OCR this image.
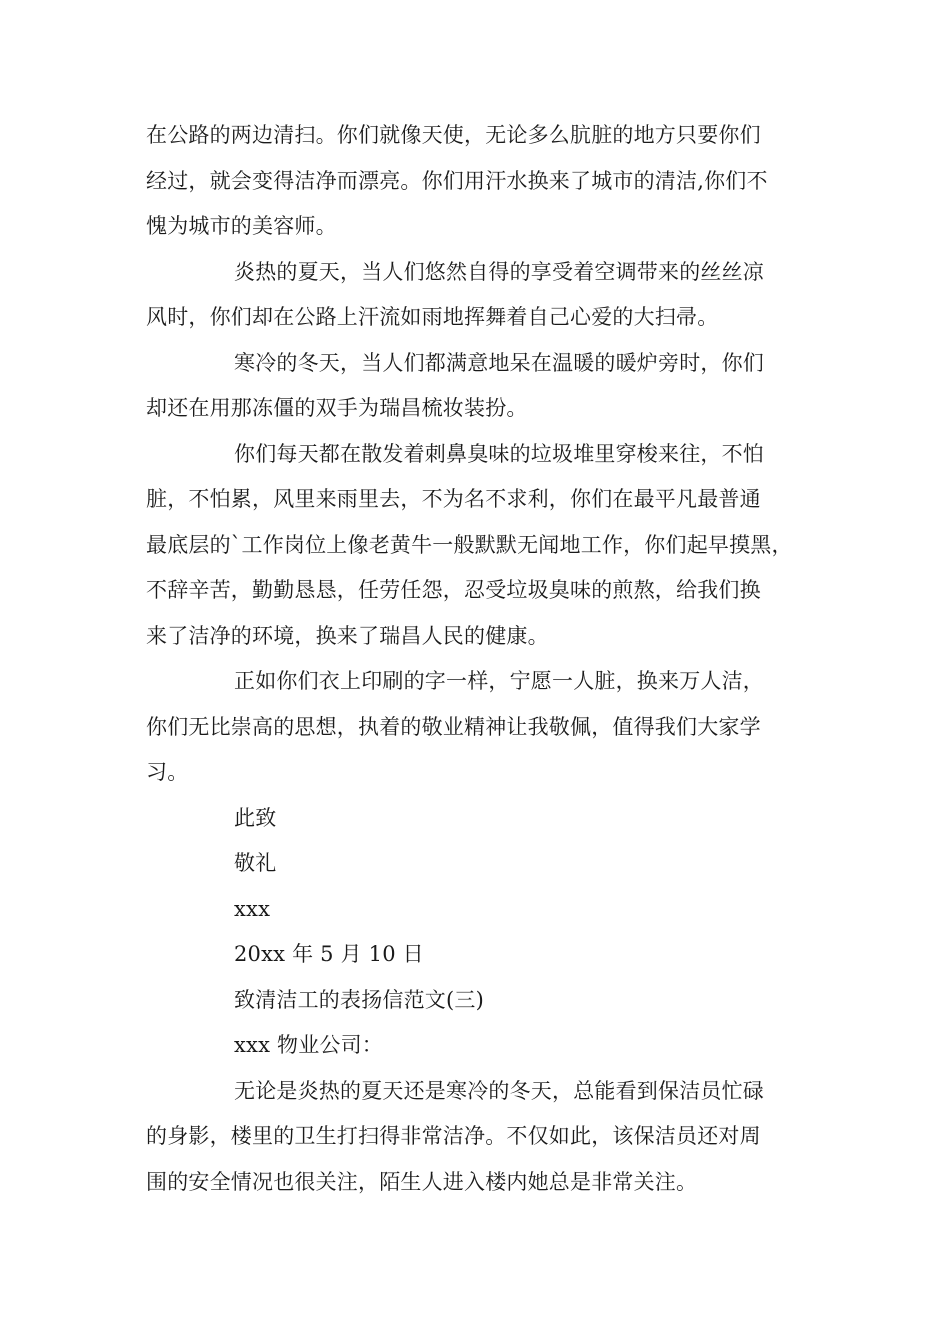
在公路的两边清扫。你们就像天使，无论多么肮脏的地方只要你们
经过，就会变得洁净而漂亮。你们用汗水换来了城市的清洁,你们不
愧为城市的美容师。
炎热的夏天，当人们悠然自得的享受着空调带来的丝丝凉
风时，你们却在公路上汗流如雨地挥舞着自己心爱的大扫帚。
寒冷的冬天，当人们都满意地呆在温暖的暖炉旁时，你们
却还在用那冻僵的双手为瑞昌梳妆装扮。
你们每天都在散发着刺鼻臭味的垃圾堆里穿梭来往，不怕
脏，不怕累，风里来雨里去，不为名不求利，你们在最平凡最普通
最底层的`工作岗位上像老黄牛一般默默无闻地工作，你们起早摸黑，
不辞辛苦，勤勤恳恳，任劳任怨，忍受垃圾臭味的煎熬，给我们换
来了洁净的环境，换来了瑞昌人民的健康。
正如你们衣上印刷的字一样，宁愿一人脏，换来万人洁，
你们无比崇高的思想，执着的敬业精神让我敬佩，值得我们大家学
习。

此致

敬礼

xxx

20xx 年 5 月 10 日

致清洁工的表扬信范文(三)

xxx 物业公司：

无论是炎热的夏天还是寒冷的冬天，总能看到保洁员忙碌
的身影，楼里的卫生打扫得非常洁净。不仅如此，该保洁员还对周
围的安全情况也很关注，陌生人进入楼内她总是非常关注。
